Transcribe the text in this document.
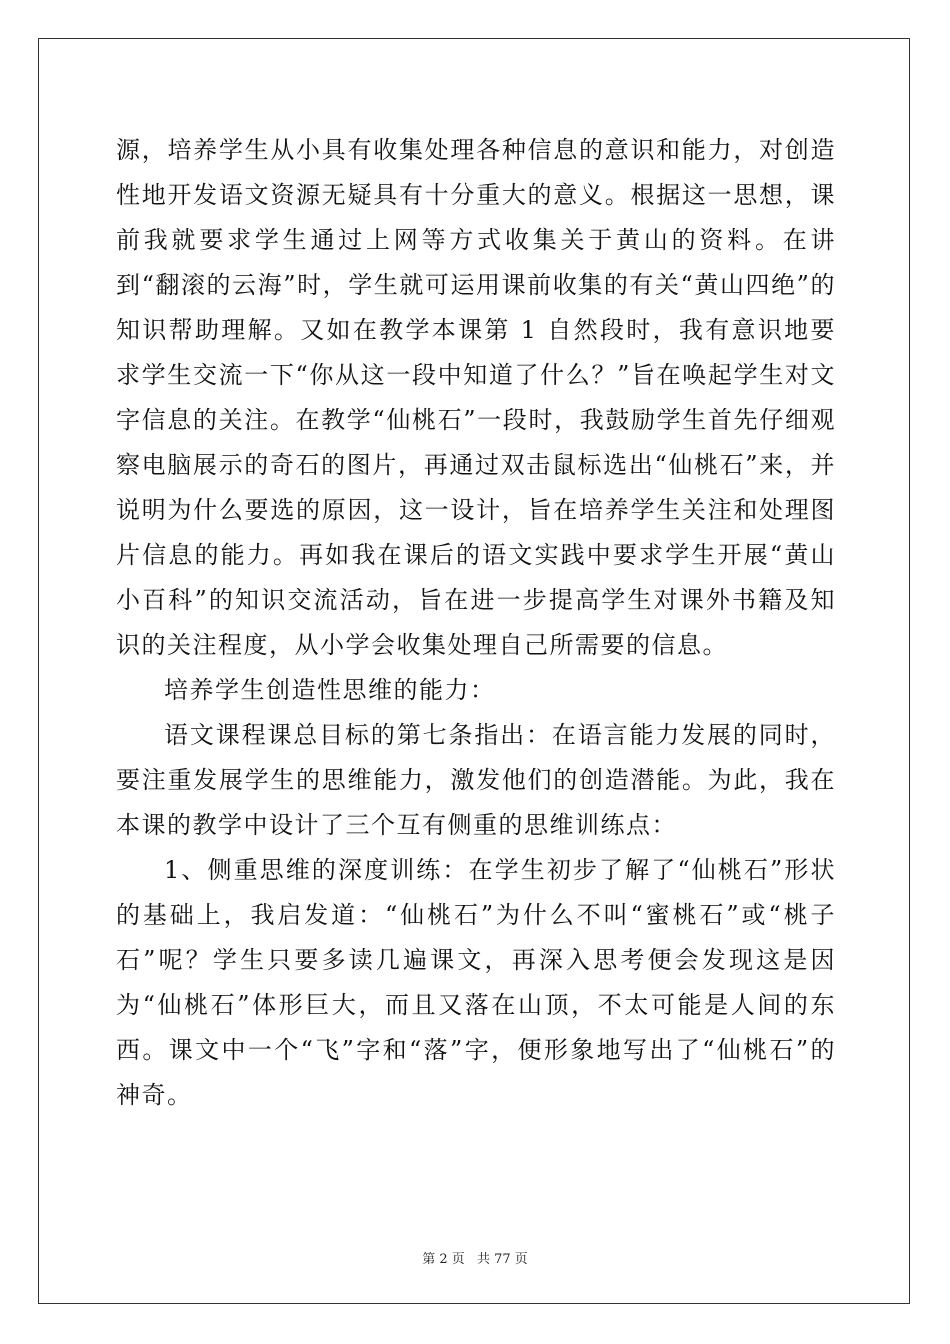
源，培养学生从小具有收集处理各种信息的意识和能力，对创造性地开发语文资源无疑具有十分重大的意义。根据这一思想，课前我就要求学生通过上网等方式收集关于黄山的资料。在讲到“翻滚的云海”时，学生就可运用课前收集的有关“黄山四绝”的知识帮助理解。又如在教学本课第 1 自然段时，我有意识地要求学生交流一下“你从这一段中知道了什么？”旨在唤起学生对文字信息的关注。在教学“仙桃石”一段时，我鼓励学生首先仔细观察电脑展示的奇石的图片，再通过双击鼠标选出“仙桃石”来，并说明为什么要选的原因，这一设计，旨在培养学生关注和处理图片信息的能力。再如我在课后的语文实践中要求学生开展“黄山小百科”的知识交流活动，旨在进一步提高学生对课外书籍及知识的关注程度，从小学会收集处理自己所需要的信息。

培养学生创造性思维的能力：

语文课程课总目标的第七条指出：在语言能力发展的同时，要注重发展学生的思维能力，激发他们的创造潜能。为此，我在本课的教学中设计了三个互有侧重的思维训练点：

1、侧重思维的深度训练：在学生初步了解了“仙桃石”形状的基础上，我启发道：“仙桃石”为什么不叫“蜜桃石”或“桃子石”呢？学生只要多读几遍课文，再深入思考便会发现这是因为“仙桃石”体形巨大，而且又落在山顶，不太可能是人间的东西。课文中一个“飞”字和“落”字，便形象地写出了“仙桃石”的神奇。

第 2 页 共 77 页
